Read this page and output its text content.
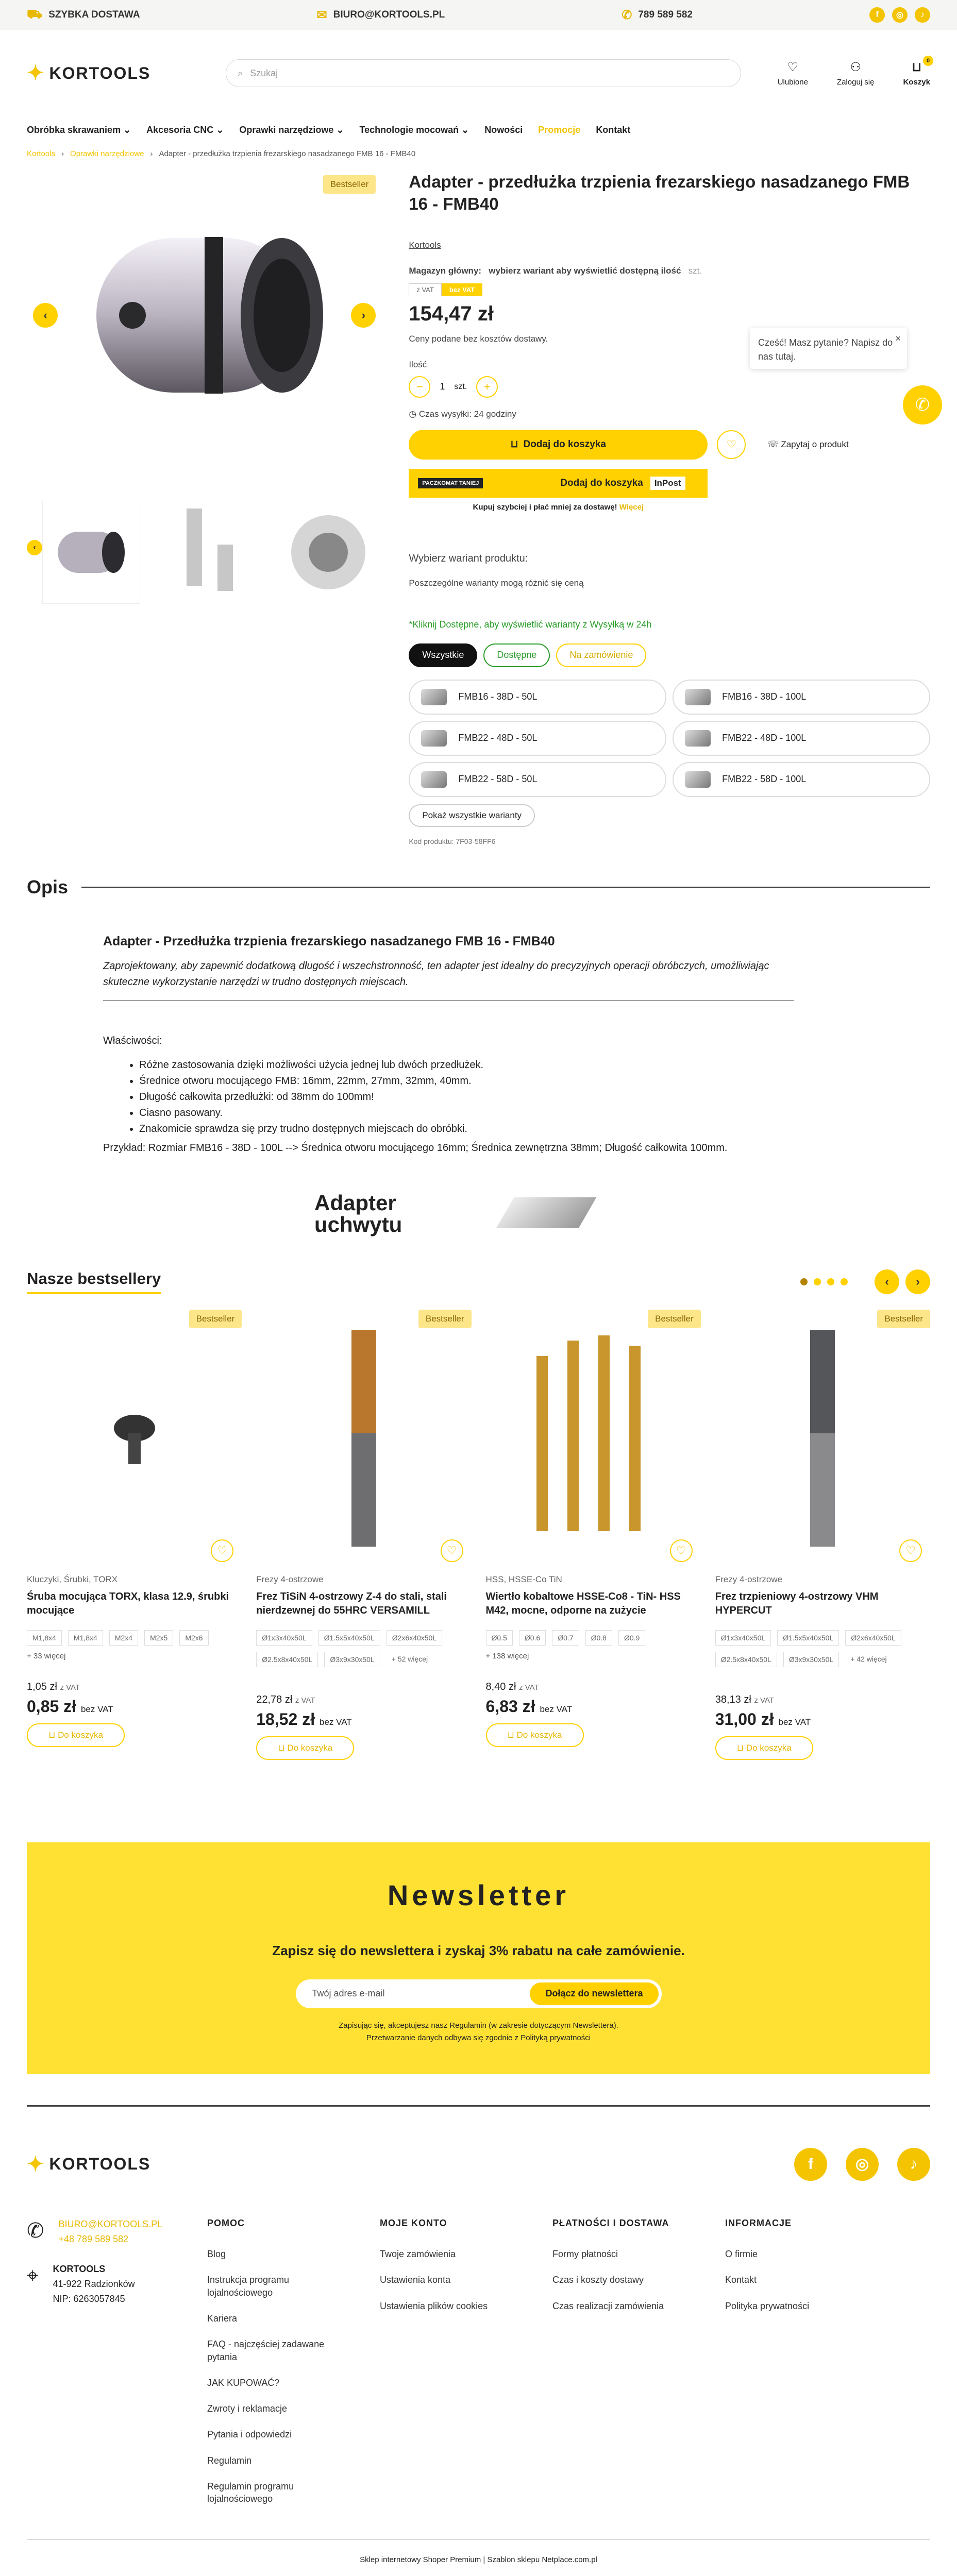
⛟ SZYBKA DOSTAWA	✉ BIURO@KORTOOLS.PL	✆ 789 589 582	f	◎	♪
✦ KORTOOLS	⌕ Szukaj	♡
Ulubione
⚇
Zaloguj się
⊔ 0
Koszyk
Obróbka skrawaniem ⌄ Akcesoria CNC ⌄ Oprawki narzędziowe ⌄ Technologie mocowań ⌄ Nowości Promocje Kontakt
Kortools › Oprawki narzędziowe › Adapter - przedłużka trzpienia frezarskiego nasadzanego FMB 16 - FMB40
Bestseller
‹	›
‹
Adapter - przedłużka trzpienia frezarskiego nasadzanego FMB 16 - FMB40
Kortools
Magazyn główny: wybierz wariant aby wyświetlić dostępną ilość szt.
z VAT bez VAT
154,47 zł
Ceny podane bez kosztów dostawy.
Ilość
−	1 szt.	+
◷ Czas wysyłki: 24 godziny
⊔ Dodaj do koszyka	♡	☏ Zapytaj o produkt
PACZKOMAT TANIEJ	Dodaj do koszyka	InPost
Kupuj szybciej i płać mniej za dostawę! Więcej
Wybierz wariant produktu:
Poszczególne warianty mogą różnić się ceną
*Kliknij Dostępne, aby wyświetlić warianty z Wysyłką w 24h
Wszystkie	Dostępne	Na zamówienie
FMB16 - 38D - 50L	FMB16 - 38D - 100L
FMB22 - 48D - 50L	FMB22 - 48D - 100L
FMB22 - 58D - 50L	FMB22 - 58D - 100L
Pokaż wszystkie warianty
Kod produktu: 7F03-58FF6
Cześć! Masz pytanie? Napisz do nas tutaj.
×
✆
Opis
Adapter - Przedłużka trzpienia frezarskiego nasadzanego FMB 16 - FMB40

Zaprojektowany, aby zapewnić dodatkową długość i wszechstronność, ten adapter jest idealny do precyzyjnych operacji obróbczych, umożliwiając skuteczne wykorzystanie narzędzi w trudno dostępnych miejscach.

Właściwości:

• Różne zastosowania dzięki możliwości użycia jednej lub dwóch przedłużek.
• Średnice otworu mocującego FMB: 16mm, 22mm, 27mm, 32mm, 40mm.
• Długość całkowita przedłużki: od 38mm do 100mm!
• Ciasno pasowany.
• Znakomicie sprawdza się przy trudno dostępnych miejscach do obróbki.

Przykład: Rozmiar FMB16 - 38D - 100L --> Średnica otworu mocującego 16mm; Średnica zewnętrzna 38mm; Długość całkowita 100mm.

Adapter uchwytu
Nasze bestsellery	‹	›
Bestseller
♡
Kluczyki, Śrubki, TORX
Śruba mocująca TORX, klasa 12.9, śrubki mocujące
M1,8x4	M1,8x4	M2x4	M2x5	M2x6
+ 33 więcej
1,05 zł z VAT
0,85 zł bez VAT
⊔
Do koszyka
Bestseller
♡
Frezy 4-ostrzowe
Frez TiSiN 4-ostrzowy Z-4 do stali, stali nierdzewnej do 55HRC VERSAMILL
Ø1x3x40x50L	Ø1.5x5x40x50L	Ø2x6x40x50L
Ø2.5x8x40x50L	Ø3x9x30x50L	+ 52 więcej
22,78 zł z VAT
18,52 zł bez VAT
⊔
Do koszyka
Bestseller
♡
HSS, HSSE-Co TiN
Wiertło kobaltowe HSSE-Co8 - TiN- HSS M42, mocne, odporne na zużycie
Ø0.5	Ø0.6	Ø0.7	Ø0.8	Ø0.9
+ 138 więcej
8,40 zł z VAT
6,83 zł bez VAT
⊔
Do koszyka
Bestseller
♡
Frezy 4-ostrzowe
Frez trzpieniowy 4-ostrzowy VHM HYPERCUT
Ø1x3x40x50L	Ø1.5x5x40x50L	Ø2x6x40x50L
Ø2.5x8x40x50L	Ø3x9x30x50L	+ 42 więcej
38,13 zł z VAT
31,00 zł bez VAT
⊔
Do koszyka
Newsletter
Zapisz się do newslettera i zyskaj 3% rabatu na całe zamówienie.
Twój adres e-mail	Dołącz do newslettera
Zapisując się, akceptujesz nasz Regulamin (w zakresie dotyczącym Newslettera). Przetwarzanie danych odbywa się zgodnie z Polityką prywatności
✦ KORTOOLS	f	◎	♪
✆ BIURO@KORTOOLS.PL
+48 789 589 582
⌖ KORTOOLS
41-922 Radzionków
NIP: 6263057845
POMOC
Blog
Instrukcja programu lojalnościowego
Kariera
FAQ - najczęściej zadawane pytania
JAK KUPOWAĆ?
Zwroty i reklamacje
Pytania i odpowiedzi
Regulamin
Regulamin programu lojalnościowego
MOJE KONTO
Twoje zamówienia
Ustawienia konta
Ustawienia plików cookies
PŁATNOŚCI I DOSTAWA
Formy płatności
Czas i koszty dostawy
Czas realizacji zamówienia
INFORMACJE
O firmie
Kontakt
Polityka prywatności
Sklep internetowy Shoper Premium | Szablon sklepu Netplace.com.pl
